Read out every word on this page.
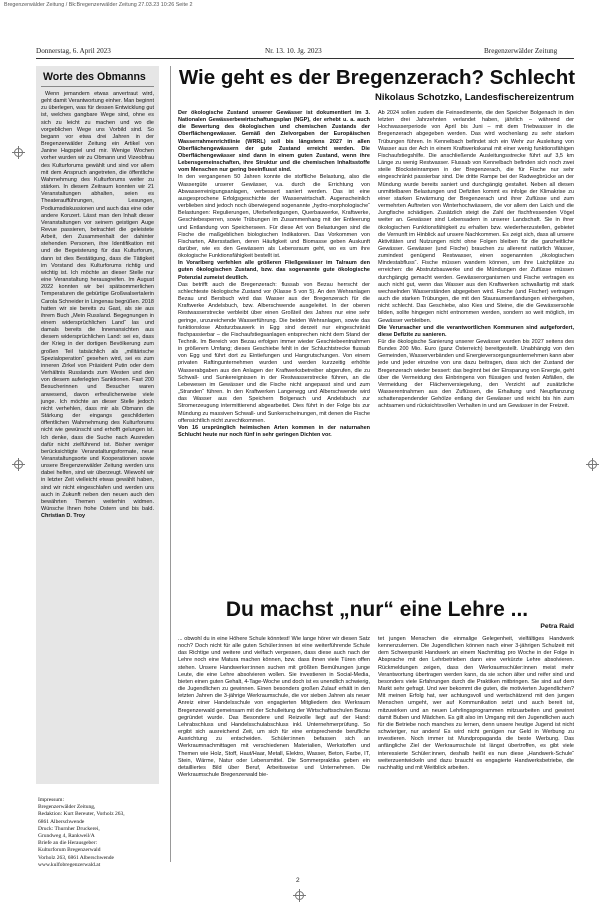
Bregenzerwälder Zeitung / Bk:Bregenzerwälder Zeitung 27.03.23 10:26 Seite 2
Donnerstag, 6. April 2023	Nr. 13. 10. Jg. 2023	Bregenzerwälder Zeitung
Worte des Obmanns
Wenn jemandem etwas anvertraut wird, geht damit Verantwortung einher. Man beginnt zu überlegen, was für dessen Entwicklung gut ist, welches gangbare Wege sind, ohne es sich zu leicht zu machen und wo die vorgeblichen Wege uns Vorbild sind. So begann vor etwa drei Jahren in der Bregenzerwälder Zeitung ein Artikel von Janine Hagspiel und mir. Wenige Wochen vorher wurden wir zu Obmann und Vizeobfrau des Kulturforums gewählt und sind vor allem mit dem Anspruch angetreten, die öffentliche Wahrnehmung des Kulturforums weiter zu stärken. In diesem Zeitraum konnten wir 21 Veranstaltungen abhalten, seien es Theateraufführungen, Lesungen, Podiumsdiskussionen und auch das eine oder andere Konzert. Lässt man den Inhalt dieser Veranstaltungen vor seinem geistigen Auge Revue passieren, betrachtet die geleistete Arbeit, den Zusammenhalt der dahinter stehenden Personen, ihre Identifikation mit und die Begeisterung für das Kulturforum, dann ist dies Bestätigung, dass die Tätigkeit im Vorstand des Kulturforums richtig und wichtig ist. Ich möchte an dieser Stelle nur eine Veranstaltung herausgreifen. Im August 2022 konnten wir bei spätsommerlichen Temperaturen die gebürtige Großwalsertalerin Carola Schneider in Lingenau begrüßen. 2018 hatten wir sie bereits zu Gast, als sie aus ihrem Buch „Mein Russland. Begegnungen in einem widersprüchlichen Land“ las und damals bereits die Innenansichten aus diesem widersprüchlichen Land: sei es, dass der Krieg in der dortigen Bevölkerung zum großen Teil tatsächlich als „militärische Spezialoperation“ gesehen wird, sei es zum inneren Zirkel von Präsident Putin oder dem Verhältnis Russlands zum Westen und den von diesem auferlegten Sanktionen. Fast 200 Besucherinnen und Besucher waren anwesend, davon erfreulicherweise viele junge. Ich möchte an dieser Stelle jedoch nicht verhehlen, dass mir als Obmann die Stärkung der eingangs geschilderten öffentlichen Wahrnehmung des Kulturforums nicht wie gewünscht und erhofft gelungen ist. Ich denke, dass die Suche nach Ausreden dafür nicht zielführend ist. Bisher weniger berücksichtigte Veranstaltungsformate, neue Veranstaltungsorte und Kooperationen sowie unsere Bregenzerwälder Zeitung werden uns dabei helfen, sind wir überzeugt. Wiewohl wir in letzter Zeit vielleicht etwas gewählt haben, sind wir nicht eingeschlafen und werden uns auch in Zukunft neben den neuen auch den bewährten Themen weiterhin widmen. Wünsche Ihnen frohe Ostern und bis bald. Christian D. Troy
Impressum:
Bregenzerwälder Zeitung,
Redaktion: Kurt Bereuter, Vorholz 263,
6861 Alberschwende
Druck: Thurnher Druckerei,
Grundweg 4, Rankweil/A
Briefe an die Herausgeber:
Kulturforum Bregenzerwald
Vorholz 263, 6861 Alberschwende
www.kulfobregenzerwald.at
Wie geht es der Bregenzerach? Schlecht
Nikolaus Schotzko, Landesfischereizentrum

Der ökologische Zustand unserer Gewässer ist dokumentiert im 3. Nationalen Gewässerbewirtschaftungsplan (NGP), der erhebt u. a. auch die Bewertung des ökologischen und chemischen Zustands der Oberflächengewässer. Gemäß den Zielvorgaben der Europäischen Wasserrahmenrichtlinie (WRRL) soll bis längstens 2027 in allen Oberflächengewässern der gute Zustand erreicht werden. Die Oberflächengewässer sind dann in einem guten Zustand, wenn ihre Lebensgemeinschaften, ihre Struktur und die chemischen Inhaltsstoffe vom Menschen nur gering beeinflusst sind.

In den vergangenen 50 Jahren konnte die stoffliche Belastung, also die Wassergüte unserer Gewässer, v.a. durch die Errichtung von Abwasserreinigungsanlagen, verbessert saniert werden. Das ist eine ausgesprochene Erfolgsgeschichte der Wasserwirtschaft. Augenscheinlich verblieben sind jedoch noch überwiegend sogenannte „hydro-morphologische“ Belastungen: Regulierungen, Uferbefestigungen, Querbauwerke, Kraftwerke, Geschiebesperren, sowie Trübungen im Zusammenhang mit der Entleerung und Entlandung von Speicherseen. Für diese Art von Belastungen sind die Fische die maßgeblichen biologischen Indikatoren. Das Vorkommen von Fischarten, Altersstadien, deren Häufigkeit und Biomasse geben Auskunft darüber, wie es den Gewässern als Lebensraum geht, wo es um ihre ökologische Funktionsfähigkeit bestellt ist.

In Vorarlberg verfehlen alle größeren Fließgewässer im Talraum den guten ökologischen Zustand, bzw. das sogenannte gute ökologische Potenzial zumeist deutlich.

Das betrifft auch die Bregenzerach: flussab von Bezau herrscht der schlechteste ökologische Zustand vor (Klasse 5 von 5). An den Wehranlagen Bezau und Bersbuch wird das Wasser aus der Bregenzerach für die Kraftwerke Andelsbuch, bzw. Alberschwende ausgeleitet. In der oberen Restwasserstrecke verbleibt über einen Großteil des Jahres nur eine sehr geringe, unzureichende Wasserführung. Die beiden Wehranlagen, sowie das funktionslose Absturzbauwerk in Egg sind derzeit nur eingeschränkt fischpassierbar – die Fischaufstiegsanlagen entsprechen nicht dem Stand der Technik. Im Bereich von Bezau erfolgen immer wieder Geschiebeentnahmen in größerem Umfang; dieses Geschiebe fehlt in der Schluchtstrecke flussab von Egg und führt dort zu Eintiefungen und Hangrutschungen. Von einem privaten Raftingunternehmen wurden und werden kurzzeitig erhöhte Wasserabgaben aus den Anlagen der Kraftwerksbetreiber abgerufen, die zu Schwall- und Sunkereignissen in der Restwasserstrecke führen, an die Lebewesen im Gewässer und die Fische nicht angepasst sind und zum „Stranden“ führen. In den Kraftwerken Langenegg und Alberschwende wird das Wasser aus den Speichern Bolgenach und Andelsbuch zur Stromerzeugung intermittierend abgearbeitet. Dies führt in der Folge bis zur Mündung zu massiven Schwall- und Sunkerscheinungen, mit denen die Fische offensichtlich nicht zurechtkommen.

Von 16 ursprünglich heimischen Arten kommen in der naturnahen Schlucht heute nur noch fünf in sehr geringen Dichten vor.

Ab 2024 sollen zudem die Feinsedimente, die den Speicher Bolgenach in den letzten drei Jahrzehnten verlandet haben, jährlich – während der Hochwasserperiode von April bis Juni – mit dem Triebwasser in die Bregenzerach abgegeben werden. Das wird wochenlang zu sehr starken Trübungen führen. In Kennelbach befindet sich ein Wehr zur Ausleitung von Wasser aus der Ach in einem Kraftwerkskanal mit einer wenig funktionsfähigen Fischaufstiegshilfe. Die anschließende Ausleitungsstrecke führt auf 3,5 km Länge zu wenig Restwasser. Flussab von Kennelbach befinden sich noch zwei steile Blocksteinrampen in der Bregenzerach, die für Fische nur sehr eingeschränkt passierbar sind. Die dritte Rampe bei der Radwegbrücke an der Mündung wurde bereits saniert und durchgängig gestaltet. Neben all diesen unmittelbaren Belastungen und Defiziten kommt es infolge der Klimakrise zu einer starken Erwärmung der Bregenzerach und ihrer Zuflüsse und zum vermehrten Auftreten von Winterhochwässern, die vor allem den Laich und die Jungfische schädigen. Zusätzlich steigt die Zahl der fischfressenden Vögel weiter an. Gewässer sind Lebensadern in unserer Landschaft. Sie in ihrer ökologischen Funktionsfähigkeit zu erhalten bzw. wiederherzustellen, gebietet die Vernunft im Hinblick auf unsere Nachkommen. Es zeigt sich, dass all unsere Aktivitäten und Nutzungen nicht ohne Folgen bleiben für die ganzheitliche Gewässer. Gewässer (und Fische) brauchen zu allererst natürlich Wasser, zumindest genügend Restwasser, einen sogenannten „ökologischen Mindestabfluss“. Fische müssen wandern können, um ihre Laichplätze zu erreichen: die Abstrutzbauwerke und die Mündungen der Zuflüsse müssen durchgängig gemacht werden. Gewässerorganismen und Fische vertragen es auch nicht gut, wenn das Wasser aus den Kraftwerken schwallartig mit stark wechselnden Wasserständen abgegeben wird. Fische (und Fischer) vertragen auch die starken Trübungen, die mit den Stauraumentlandungen einhergehen, nicht schlecht. Das Geschiebe, also Kies und Steine, die die Gewässersohle bilden, sollte hingegen nicht entnommen werden, sondern so weit möglich, im Gewässer verbleiben.

Die Verursacher und die verantwortlichen Kommunen sind aufgefordert, diese Defizite zu sanieren.

Für die ökologische Sanierung unserer Gewässer wurden bis 2027 seitens des Bundes 200 Mio. Euro (ganz Österreich) bereitgestellt. Unabhängig von den Gemeinden, Wasserverbänden und Energieversorgungsunternehmen kann aber jede und jeder einzelne von uns dazu beitragen, dass sich der Zustand der Bregenzerach wieder bessert: das beginnt bei der Einsparung von Energie, geht über die Vermeidung des Einbringens von flüssigen und festen Abfällen, die Vermeidung der Flächenversiegelung, den Verzicht auf zusätzliche Wasserentnahmen aus den Zuflüssen, die Erhaltung und Neupflanzung schattenspendender Gehölze entlang der Gewässer und reicht bis hin zum achtsamen und rücksichtsvollen Verhalten in und am Gewässer in der Freizeit.

Du machst „nur“ eine Lehre ...
Petra Raid

... obwohl du in eine Höhere Schule könntest! Wie lange hörer wir diesen Satz noch? Doch nicht für alle guten Schüler:innen ist eine weiterführende Schule das Richtige und weitere und vielfach vergessen, dass diese auch nach der Lehre noch eine Matura machen können, bzw. dass ihnen viele Türen offen stehen. Unsere Handwerker:innen suchen mit größten Bemühungen junge Leute, die eine Lehre absolvieren wollen. Sie investieren in Social-Media, bieten einen guten Gehalt, 4-Tage-Woche und doch ist es unendlich schwierig, die Jugendlichen zu gewinnen. Einen besonders großen Zulauf erhält in den letzten Jahren die 3-jährige Werkraumschule, die vor sieben Jahren als neuer Anreiz einer Handelsschule von engagierten Mitgliedern des Werkraum Bregenzerwald gemeinsam mit der Schulleitung der Wirtschaftsschulen Bezau gegründet wurde. Das Besondere und Reizvolle liegt auf der Hand: Lehrabschluss und Handelsschulabschluss inkl. Unternehmerprüfung. So ergibt sich ausreichend Zeit, um sich für eine entsprechende berufliche Ausrichtung zu entscheiden. Schüler:innen befassen sich an Werkraumnachmittagen mit verschiedenen Materialien, Werkstoffen und Themen wie Holz, Stoff, Haut/Haar, Metall, Elektro, Wasser, Beton, Farbe, IT, Stein, Wärme, Natur oder Lebensmittel. Die Sommerpraktika geben ein detailliertes Bild über Beruf, Arbeitsweise und Unternehmen. Die Werkraumschule Bregenzerwald bie-

tet jungen Menschen die einmalige Gelegenheit, vielfältiges Handwerk kennenzulernen. Die Jugendlichen können nach einer 3-jährigen Schulzeit mit dem Schwerpunkt Handwerk an einem Nachmittag pro Woche in der Folge in Absprache mit den Lehrbetrieben dann eine verkürzte Lehre absolvieren. Rückmeldungen zeigen, dass den Werkraumschüler:innen meist mehr Verantwortung übertragen werden kann, da sie schon älter und reifer sind und besonders viele Erfahrungen durch die Praktiken mitbringen. Sie sind auf dem Markt sehr gefragt. Und wer bekommt die guten, die motivierten Jugendlichen? Mit meinen Erfolg hat, wer achtungsvoll und wertschätzend mit den jungen Menschen umgeht, wer auf Kommunikation setzt und auch bereit ist, mitzuwirken und an neuen Lehrlingsprogrammen mitzuarbeiten und gewinnt damit Buben und Mädchen. Es gilt also im Umgang mit den Jugendlichen auch für die Betriebe noch manches zu lernen, denn unsere heutige Jugend ist nicht schwieriger, nur anders! Es wird nicht genügen nur Geld in Werbung zu investieren. Noch immer ist Mundpropaganda die beste Werbung. Das anfängliche Ziel der Werkraumschule ist längst übertroffen, es gibt viele interessierte Schüler:innen, deshalb heißt es nun diese „Handwerk-Schule“ weiterzuentwickeln und dazu braucht es engagierte Handwerksbetriebe, die nachhaltig und mit Weitblick arbeiten.

2
